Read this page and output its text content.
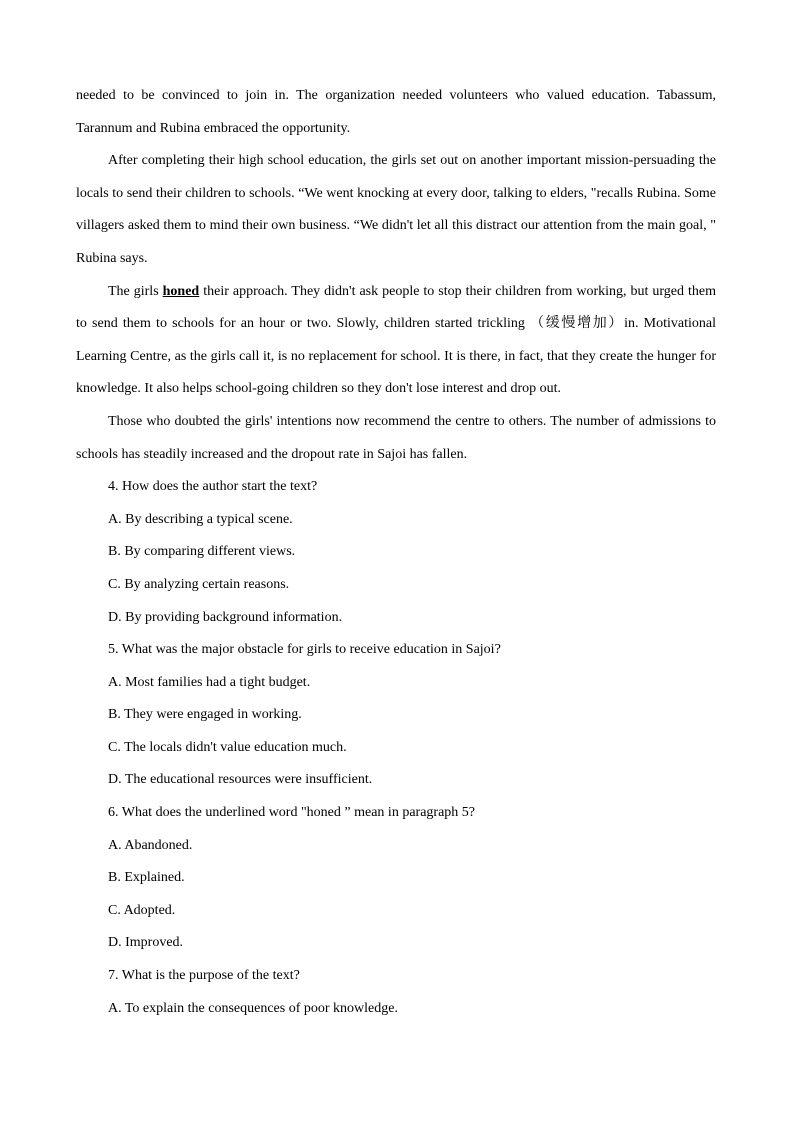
needed to be convinced to join in. The organization needed volunteers who valued education. Tabassum, Tarannum and Rubina embraced the opportunity.

After completing their high school education, the girls set out on another important mission-persuading the locals to send their children to schools. “We went knocking at every door, talking to elders, "recalls Rubina. Some villagers asked them to mind their own business. “We didn't let all this distract our attention from the main goal, " Rubina says.

The girls honed their approach. They didn't ask people to stop their children from working, but urged them to send them to schools for an hour or two. Slowly, children started trickling （缓慢增加）in. Motivational Learning Centre, as the girls call it, is no replacement for school. It is there, in fact, that they create the hunger for knowledge. It also helps school-going children so they don't lose interest and drop out.

Those who doubted the girls' intentions now recommend the centre to others. The number of admissions to schools has steadily increased and the dropout rate in Sajoi has fallen.

4. How does the author start the text?

A. By describing a typical scene.

B. By comparing different views.

C. By analyzing certain reasons.

D. By providing background information.

5. What was the major obstacle for girls to receive education in Sajoi?

A. Most families had a tight budget.

B. They were engaged in working.

C. The locals didn't value education much.

D. The educational resources were insufficient.

6. What does the underlined word "honed ” mean in paragraph 5?

A. Abandoned.

B. Explained.

C. Adopted.

D. Improved.

7. What is the purpose of the text?

A. To explain the consequences of poor knowledge.
